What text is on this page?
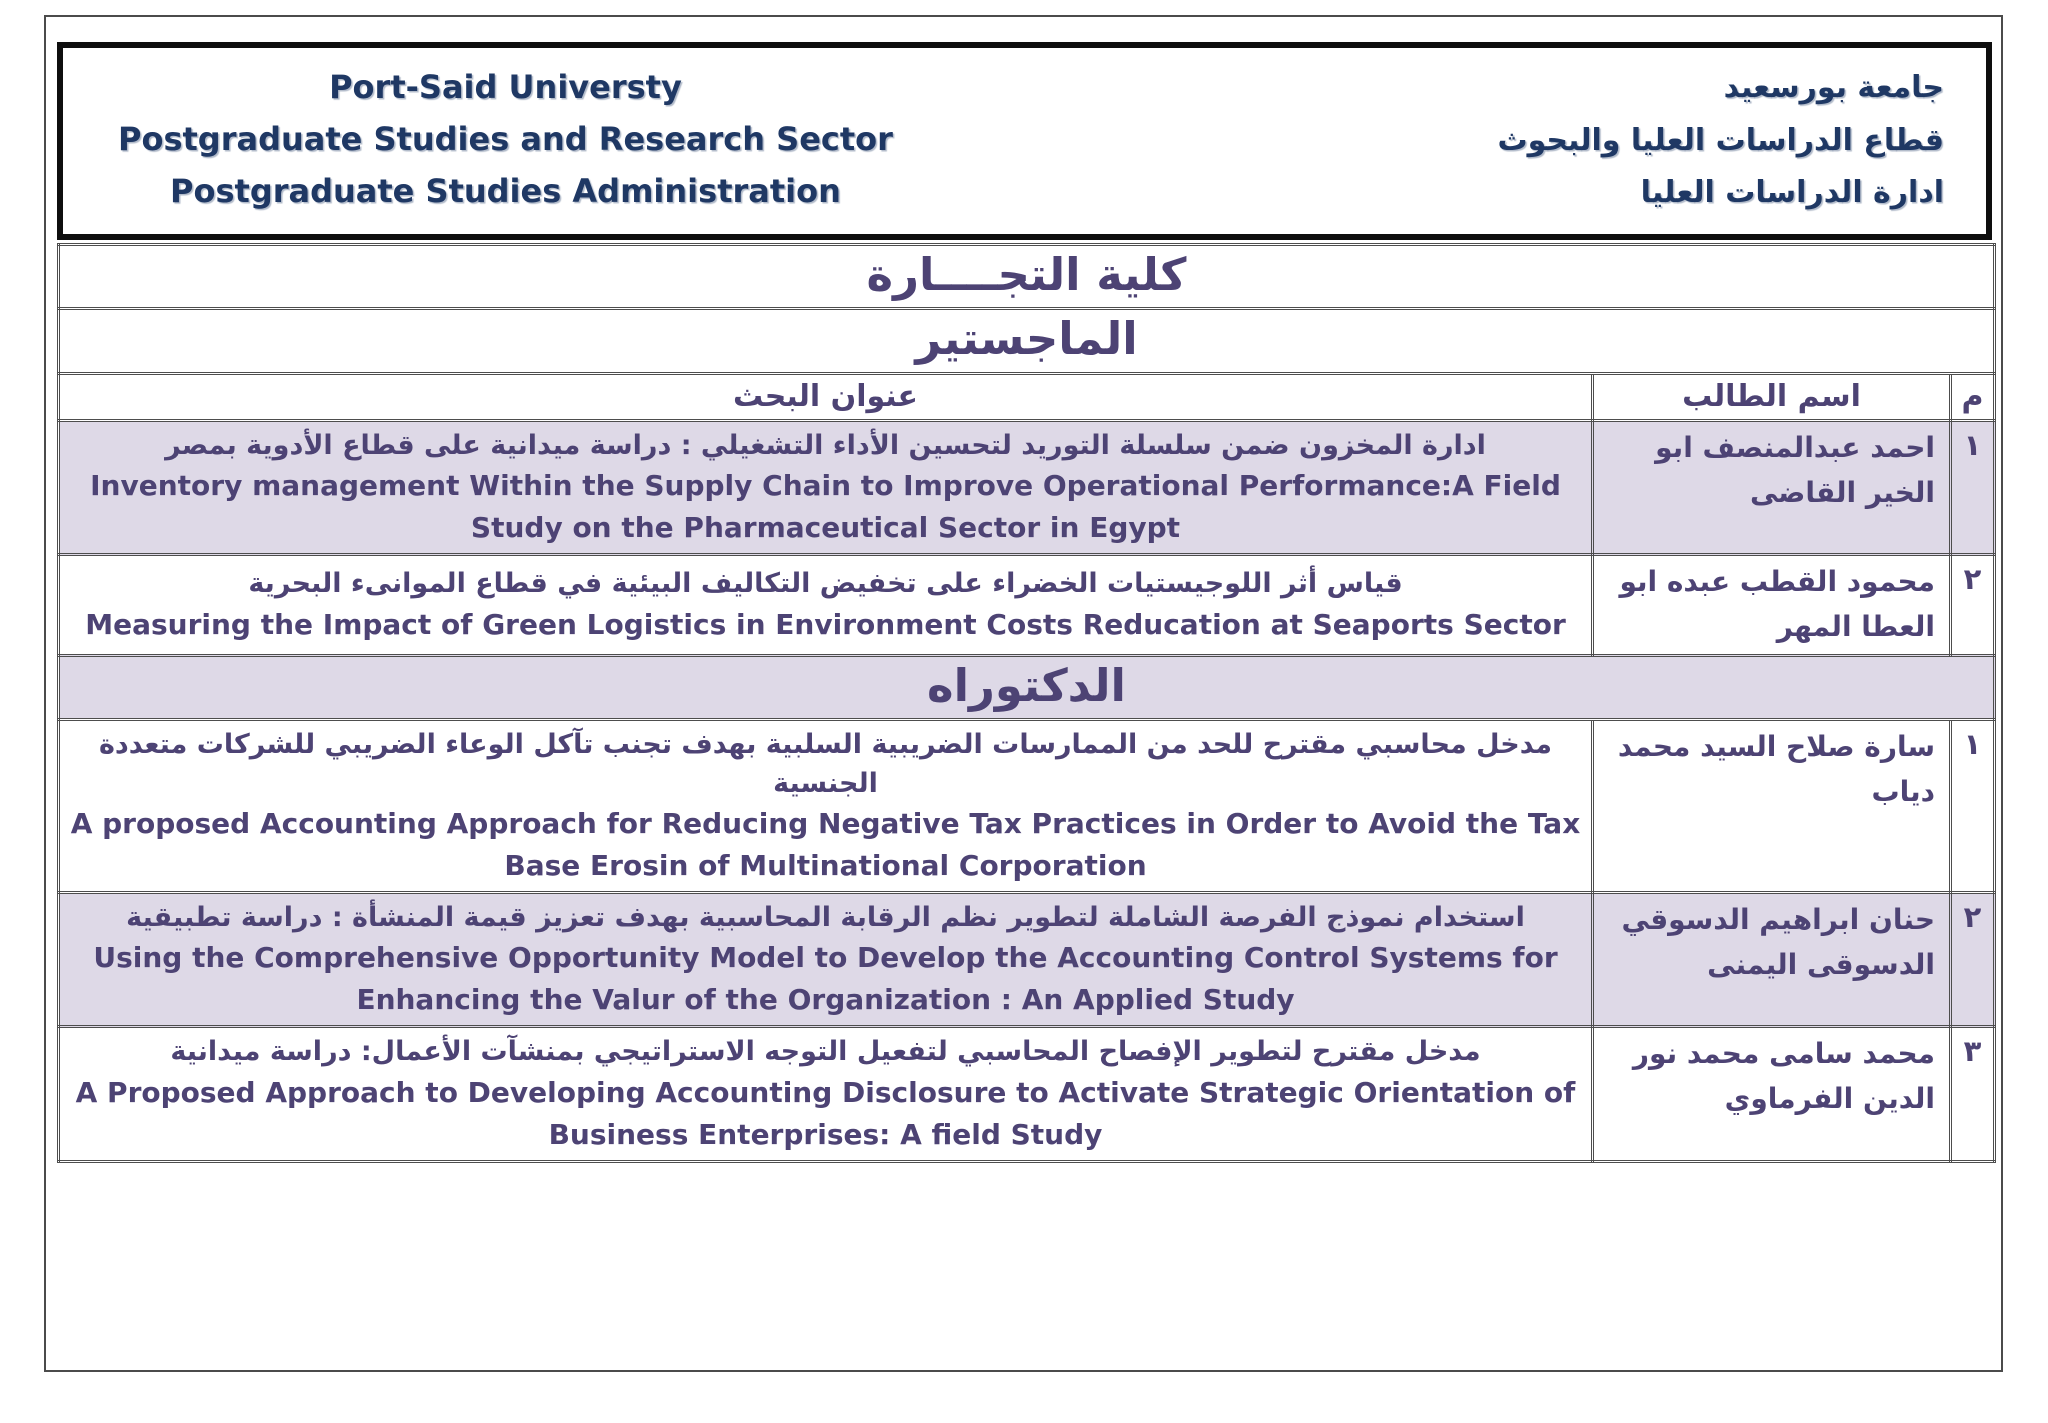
Port-Said Universty
Postgraduate Studies and Research Sector
Postgraduate Studies Administration
جامعة بورسعيد
قطاع الدراسات العليا والبحوث
ادارة الدراسات العليا
كلية التجــــارة		
الماجستير		
م	اسم الطالب	عنوان البحث
١	احمد عبدالمنصف ابو الخير القاضى	ادارة المخزون ضمن سلسلة التوريد لتحسين الأداء التشغيلي : دراسة ميدانية على قطاع الأدوية بمصر
Inventory management Within the Supply Chain to Improve Operational Performance:A Field Study on the Pharmaceutical Sector in Egypt

٢	محمود القطب عبده ابو العطا المهر	قياس أثر اللوجيستيات الخضراء على تخفيض التكاليف البيئية في قطاع الموانىء البحرية
Measuring the Impact of Green Logistics in Environment Costs Reducation at Seaports Sector

الدكتوراه		
١	سارة صلاح السيد محمد دياب	مدخل محاسبي مقترح للحد من الممارسات الضريبية السلبية بهدف تجنب تآكل الوعاء الضريبي للشركات متعددة الجنسية
A proposed Accounting Approach for Reducing Negative Tax Practices in Order to Avoid the Tax Base Erosin of Multinational Corporation

٢	حنان ابراهيم الدسوقي الدسوقى اليمنى	استخدام نموذج الفرصة الشاملة لتطوير نظم الرقابة المحاسبية بهدف تعزيز قيمة المنشأة : دراسة تطبيقية
Using the Comprehensive Opportunity Model to Develop the Accounting Control Systems for Enhancing the Valur of the Organization : An Applied Study

٣	محمد سامى محمد نور الدين الفرماوي	مدخل مقترح لتطوير الإفصاح المحاسبي لتفعيل التوجه الاستراتيجي بمنشآت الأعمال: دراسة ميدانية
A Proposed Approach to Developing Accounting Disclosure to Activate Strategic Orientation of Business Enterprises: A field Study
